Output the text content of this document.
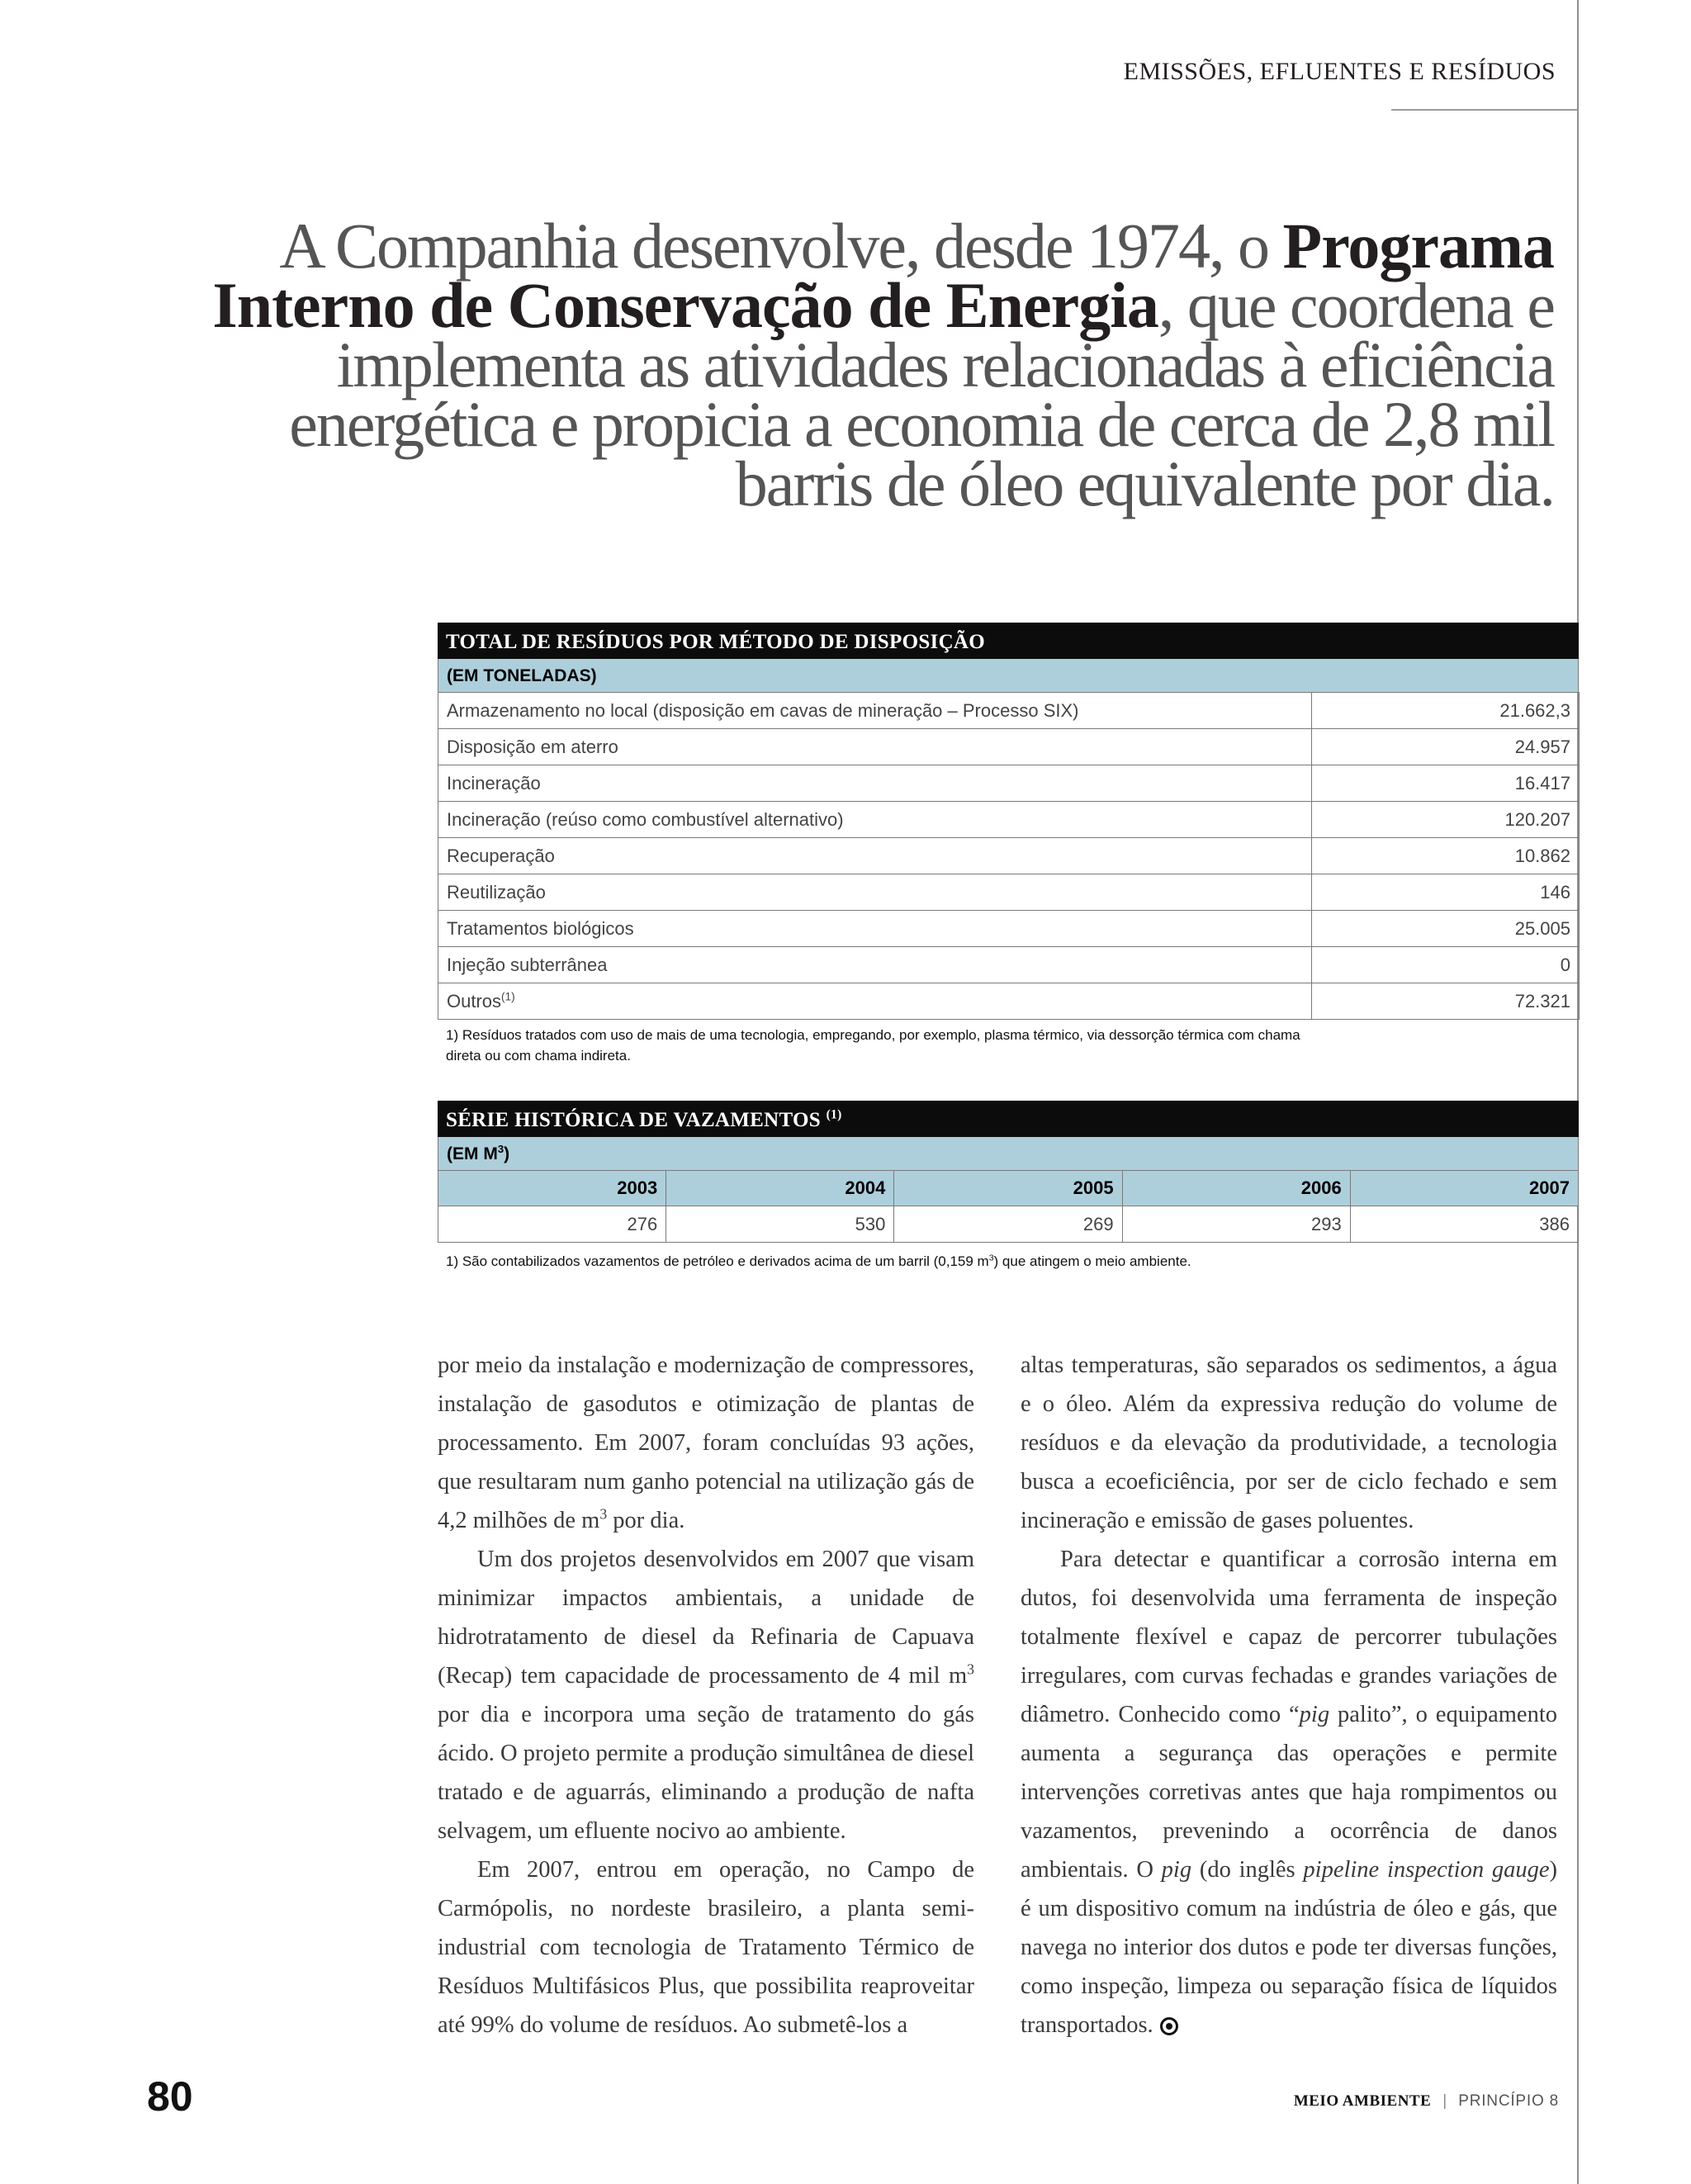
EMISSÕES, EFLUENTES E RESÍDUOS
A Companhia desenvolve, desde 1974, o Programa Interno de Conservação de Energia, que coordena e implementa as atividades relacionadas à eficiência energética e propicia a economia de cerca de 2,8 mil barris de óleo equivalente por dia.
TOTAL DE RESÍDUOS POR MÉTODO DE DISPOSIÇÃO
(EM TONELADAS)
Armazenamento no local (disposição em cavas de mineração – Processo SIX)	21.662,3
Disposição em aterro	24.957
Incineração	16.417
Incineração (reúso como combustível alternativo)	120.207
Recuperação	10.862
Reutilização	146
Tratamentos biológicos	25.005
Injeção subterrânea	0
Outros$^{(1)}$	72.321
1) Resíduos tratados com uso de mais de uma tecnologia, empregando, por exemplo, plasma térmico, via dessorção térmica com chama direta ou com chama indireta.
SÉRIE HISTÓRICA DE VAZAMENTOS $^{(1)}$
(EM $M^3$)
2003	2004	2005	2006	2007
276	530	269	293	386
1) São contabilizados vazamentos de petróleo e derivados acima de um barril (0,159 $m^3$) que atingem o meio ambiente.

por meio da instalação e modernização de compressores, instalação de gasodutos e otimização de plantas de processamento. Em 2007, foram concluídas 93 ações, que resultaram num ganho potencial na utilização gás de 4,2 milhões de $m^3$ por dia.

Um dos projetos desenvolvidos em 2007 que visam minimizar impactos ambientais, a unidade de hidrotratamento de diesel da Refinaria de Capuava (Recap) tem capacidade de processamento de 4 mil $m^3$ por dia e incorpora uma seção de tratamento do gás ácido. O projeto permite a produção simultânea de diesel tratado e de aguarrás, eliminando a produção de nafta selvagem, um efluente nocivo ao ambiente.

Em 2007, entrou em operação, no Campo de Carmópolis, no nordeste brasileiro, a planta semi-industrial com tecnologia de Tratamento Térmico de Resíduos Multifásicos Plus, que possibilita reaproveitar até 99% do volume de resíduos. Ao submetê-los a

altas temperaturas, são separados os sedimentos, a água e o óleo. Além da expressiva redução do volume de resíduos e da elevação da produtividade, a tecnologia busca a ecoeficiência, por ser de ciclo fechado e sem incineração e emissão de gases poluentes.

Para detectar e quantificar a corrosão interna em dutos, foi desenvolvida uma ferramenta de inspeção totalmente flexível e capaz de percorrer tubulações irregulares, com curvas fechadas e grandes variações de diâmetro. Conhecido como “pig palito”, o equipamento aumenta a segurança das operações e permite intervenções corretivas antes que haja rompimentos ou vazamentos, prevenindo a ocorrência de danos ambientais. O pig (do inglês pipeline inspection gauge) é um dispositivo comum na indústria de óleo e gás, que navega no interior dos dutos e pode ter diversas funções, como inspeção, limpeza ou separação física de líquidos transportados.

80	MEIO AMBIENTE | PRINCÍPIO 8
